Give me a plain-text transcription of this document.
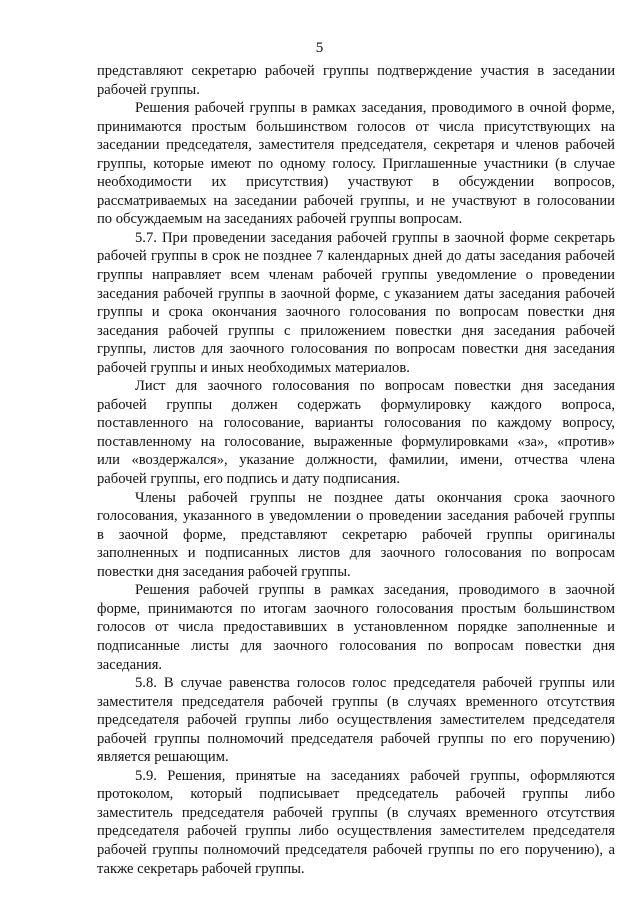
5
представляют секретарю рабочей группы подтверждение участия в заседании
рабочей группы.
Решения рабочей группы в рамках заседания, проводимого в очной форме,
принимаются простым большинством голосов от числа присутствующих на
заседании председателя, заместителя председателя, секретаря и членов рабочей
группы, которые имеют по одному голосу. Приглашенные участники (в случае
необходимости их присутствия) участвуют в обсуждении вопросов,
рассматриваемых на заседании рабочей группы, и не участвуют в голосовании
по обсуждаемым на заседаниях рабочей группы вопросам.
5.7. При проведении заседания рабочей группы в заочной форме секретарь
рабочей группы в срок не позднее 7 календарных дней до даты заседания рабочей
группы направляет всем членам рабочей группы уведомление о проведении
заседания рабочей группы в заочной форме, с указанием даты заседания рабочей
группы и срока окончания заочного голосования по вопросам повестки дня
заседания рабочей группы с приложением повестки дня заседания рабочей
группы, листов для заочного голосования по вопросам повестки дня заседания
рабочей группы и иных необходимых материалов.
Лист для заочного голосования по вопросам повестки дня заседания
рабочей группы должен содержать формулировку каждого вопроса,
поставленного на голосование, варианты голосования по каждому вопросу,
поставленному на голосование, выраженные формулировками «за», «против»
или «воздержался», указание должности, фамилии, имени, отчества члена
рабочей группы, его подпись и дату подписания.
Члены рабочей группы не позднее даты окончания срока заочного
голосования, указанного в уведомлении о проведении заседания рабочей группы
в заочной форме, представляют секретарю рабочей группы оригиналы
заполненных и подписанных листов для заочного голосования по вопросам
повестки дня заседания рабочей группы.
Решения рабочей группы в рамках заседания, проводимого в заочной
форме, принимаются по итогам заочного голосования простым большинством
голосов от числа предоставивших в установленном порядке заполненные и
подписанные листы для заочного голосования по вопросам повестки дня
заседания.
5.8. В случае равенства голосов голос председателя рабочей группы или
заместителя председателя рабочей группы (в случаях временного отсутствия
председателя рабочей группы либо осуществления заместителем председателя
рабочей группы полномочий председателя рабочей группы по его поручению)
является решающим.
5.9. Решения, принятые на заседаниях рабочей группы, оформляются
протоколом, который подписывает председатель рабочей группы либо
заместитель председателя рабочей группы (в случаях временного отсутствия
председателя рабочей группы либо осуществления заместителем председателя
рабочей группы полномочий председателя рабочей группы по его поручению), а
также секретарь рабочей группы.
